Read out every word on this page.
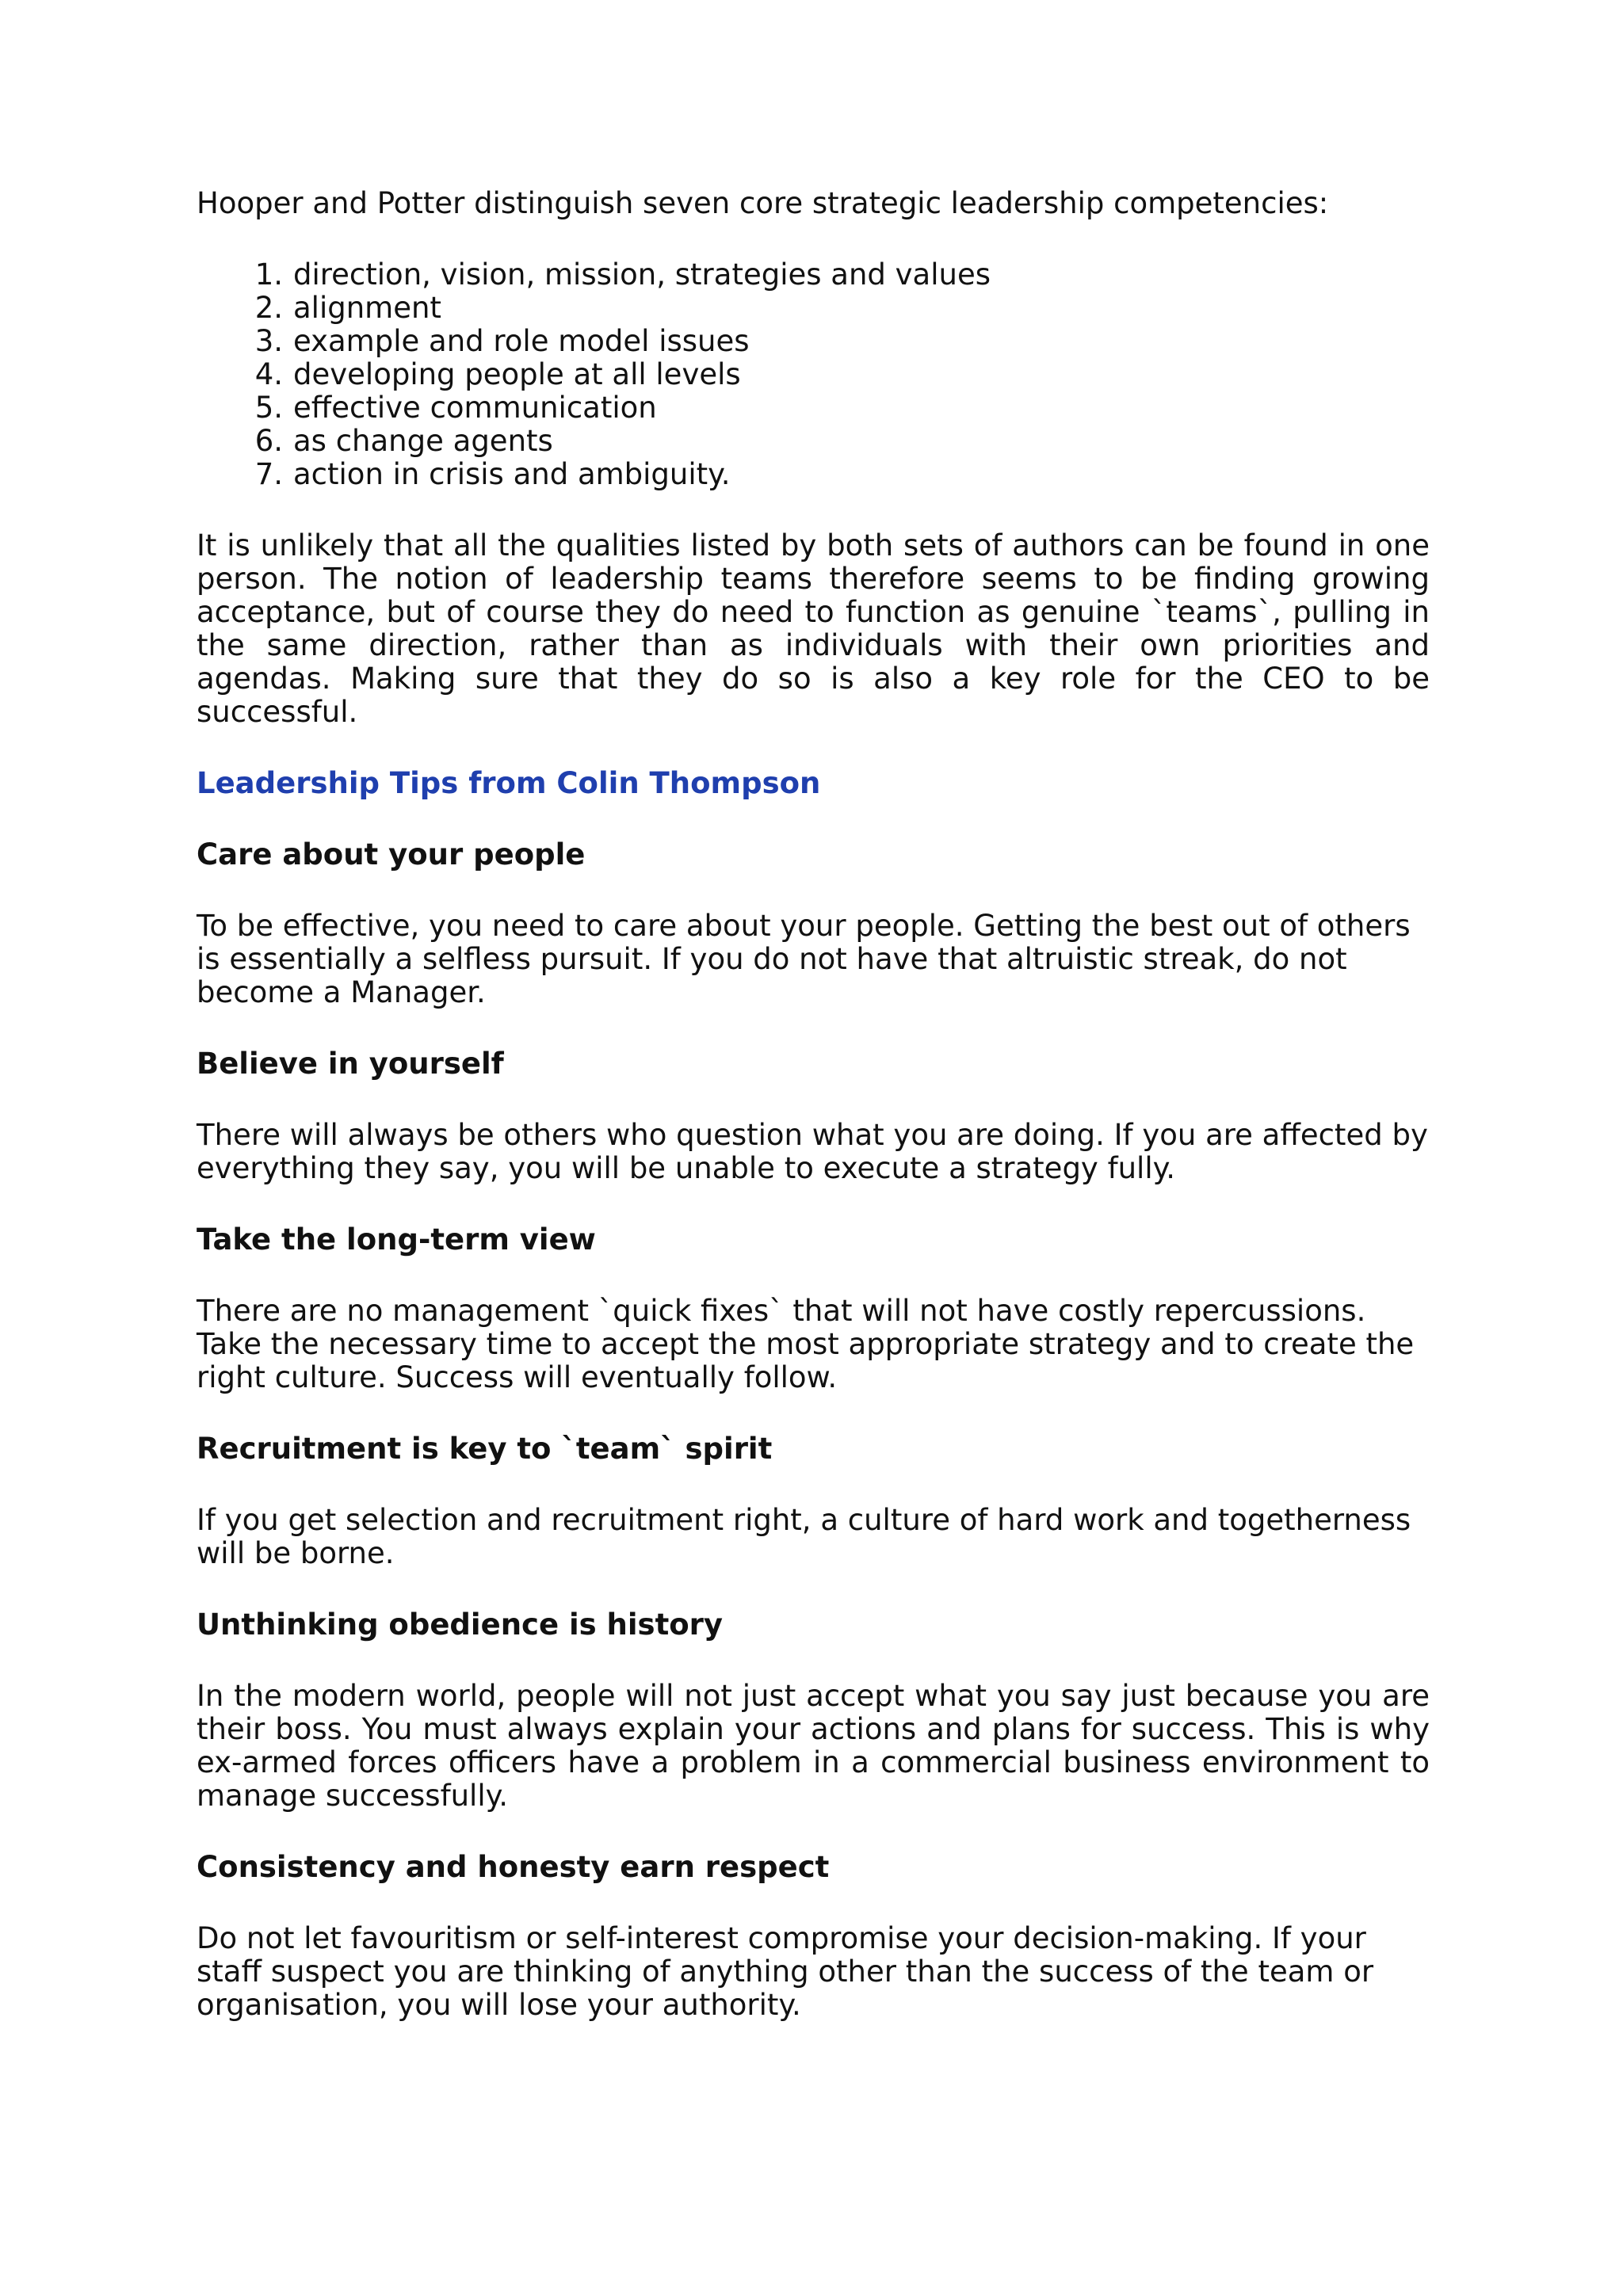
Hooper and Potter distinguish seven core strategic leadership competencies:

1. direction, vision, mission, strategies and values
2. alignment
3. example and role model issues
4. developing people at all levels
5. effective communication
6. as change agents
7. action in crisis and ambiguity.

It is unlikely that all the qualities listed by both sets of authors can be found in one person. The notion of leadership teams therefore seems to be finding growing acceptance, but of course they do need to function as genuine `teams`, pulling in the same direction, rather than as individuals with their own priorities and agendas. Making sure that they do so is also a key role for the CEO to be successful.

Leadership Tips from Colin Thompson

Care about your people

To be effective, you need to care about your people. Getting the best out of others is essentially a selfless pursuit. If you do not have that altruistic streak, do not become a Manager.

Believe in yourself

There will always be others who question what you are doing. If you are affected by everything they say, you will be unable to execute a strategy fully.

Take the long-term view

There are no management `quick fixes` that will not have costly repercussions. Take the necessary time to accept the most appropriate strategy and to create the right culture. Success will eventually follow.

Recruitment is key to `team` spirit

If you get selection and recruitment right, a culture of hard work and togetherness will be borne.

Unthinking obedience is history

In the modern world, people will not just accept what you say just because you are their boss. You must always explain your actions and plans for success. This is why ex-armed forces officers have a problem in a commercial business environment to manage successfully.

Consistency and honesty earn respect

Do not let favouritism or self-interest compromise your decision-making. If your staff suspect you are thinking of anything other than the success of the team or organisation, you will lose your authority.
